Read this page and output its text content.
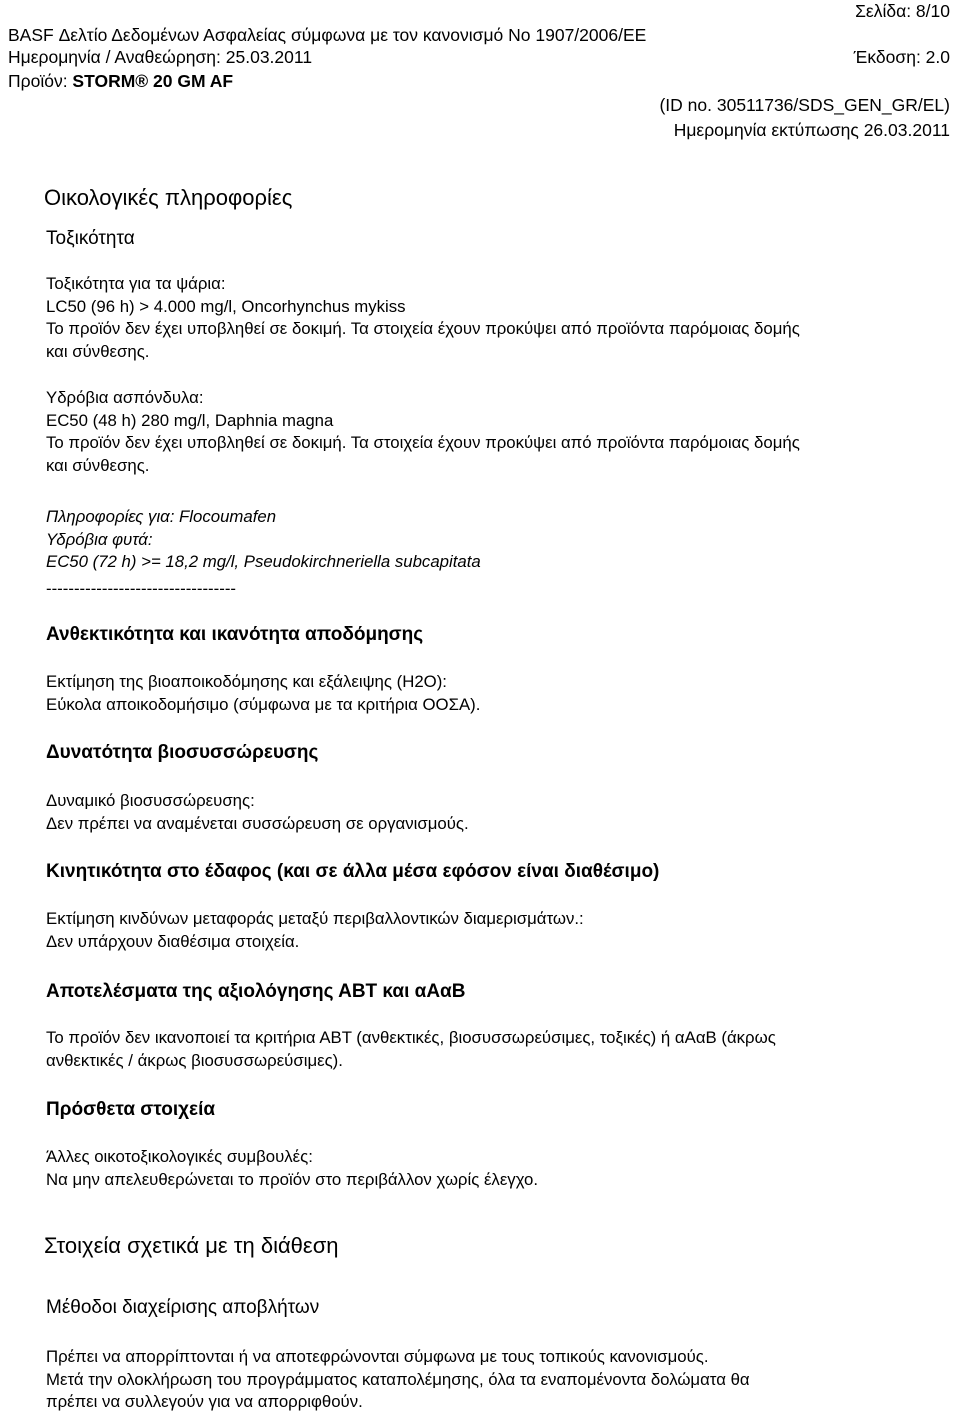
Σελίδα: 8/10
BASF Δελτίο Δεδομένων Ασφαλείας σύμφωνα με τον κανονισμό Νο 1907/2006/ΕΕ
Ημερομηνία / Αναθεώρηση: 25.03.2011	Έκδοση: 2.0
Προϊόν: STORM® 20 GM AF
(ID no. 30511736/SDS_GEN_GR/EL)
Ημερομηνία εκτύπωσης 26.03.2011
Οικολογικές πληροφορίες
Τοξικότητα
Τοξικότητα για τα ψάρια:
LC50 (96 h) > 4.000 mg/l, Oncorhynchus mykiss
Το προϊόν δεν έχει υποβληθεί σε δοκιμή. Τα στοιχεία έχουν προκύψει από προϊόντα παρόμοιας δομής
και σύνθεσης.
Υδρόβια ασπόνδυλα:
EC50 (48 h) 280 mg/l, Daphnia magna
Το προϊόν δεν έχει υποβληθεί σε δοκιμή. Τα στοιχεία έχουν προκύψει από προϊόντα παρόμοιας δομής
και σύνθεσης.
Πληροφορίες για: Flocoumafen
Υδρόβια φυτά:
EC50 (72 h) >= 18,2 mg/l, Pseudokirchneriella subcapitata
----------------------------------
Ανθεκτικότητα και ικανότητα αποδόμησης
Εκτίμηση της βιοαποικοδόμησης και εξάλειψης (H2O):
Εύκολα αποικοδομήσιμο (σύμφωνα με τα κριτήρια ΟΟΣΑ).
Δυνατότητα βιοσυσσώρευσης
Δυναμικό βιοσυσσώρευσης:
Δεν πρέπει να αναμένεται συσσώρευση σε οργανισμούς.
Κινητικότητα στο έδαφος (και σε άλλα μέσα εφόσον είναι διαθέσιμο)
Εκτίμηση κινδύνων μεταφοράς μεταξύ περιβαλλοντικών διαμερισμάτων.:
Δεν υπάρχουν διαθέσιμα στοιχεία.
Αποτελέσματα της αξιολόγησης ΑΒΤ και αΑαΒ
Το προϊόν δεν ικανοποιεί τα κριτήρια ΑΒΤ (ανθεκτικές, βιοσυσσωρεύσιμες, τοξικές) ή αΑαΒ (άκρως
ανθεκτικές / άκρως βιοσυσσωρεύσιμες).
Πρόσθετα στοιχεία
Άλλες οικοτοξικολογικές συμβουλές:
Να μην απελευθερώνεται το προϊόν στο περιβάλλον χωρίς έλεγχο.
Στοιχεία σχετικά με τη διάθεση
Μέθοδοι διαχείρισης αποβλήτων
Πρέπει να απορρίπτονται ή να αποτεφρώνονται σύμφωνα με τους τοπικούς κανονισμούς.
Μετά την ολοκλήρωση του προγράμματος καταπολέμησης, όλα τα εναπομένοντα δολώματα θα
πρέπει να συλλεγούν για να απορριφθούν.
